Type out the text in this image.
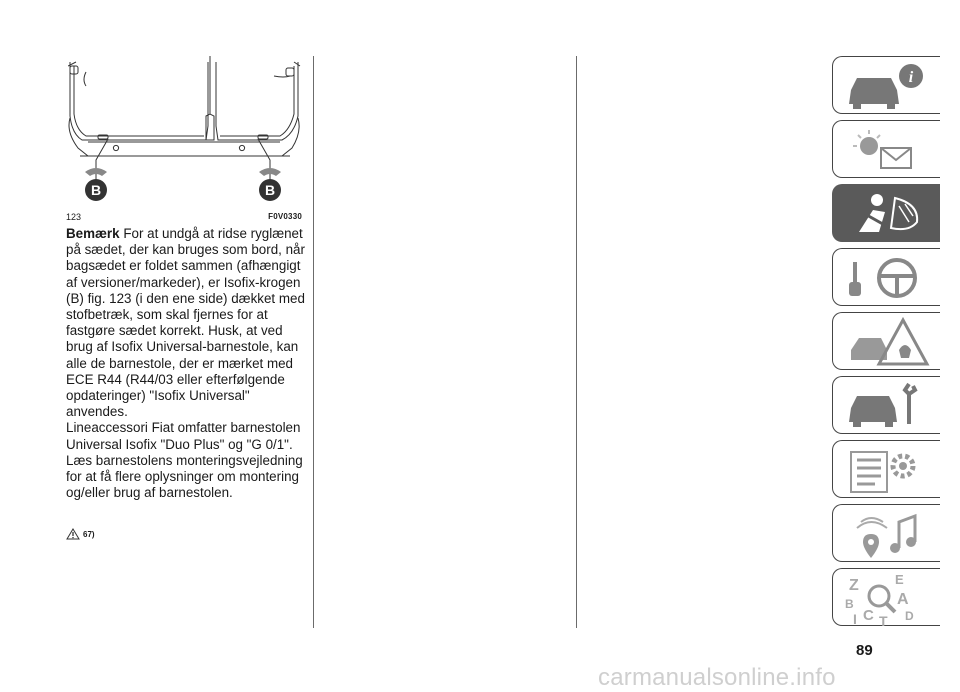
B	B
123	F0V0330

Bemærk For at undgå at ridse ryglænet på sædet, der kan bruges som bord, når bagsædet er foldet sammen (afhængigt af versioner/markeder), er Isofix-krogen (B) fig. 123 (i den ene side) dækket med stofbetræk, som skal fjernes for at fastgøre sædet korrekt. Husk, at ved brug af Isofix Universal-barnestole, kan alle de barnestole, der er mærket med ECE R44 (R44/03 eller efterfølgende opdateringer) "Isofix Universal" anvendes.

Lineaccessori Fiat omfatter barnestolen Universal Isofix "Duo Plus" og "G 0/1".

Læs barnestolens monteringsvejledning for at få flere oplysninger om montering og/eller brug af barnestolen.

67)
i
Z	E
B	A
C	D
T
I
89
carmanualsonline.info
